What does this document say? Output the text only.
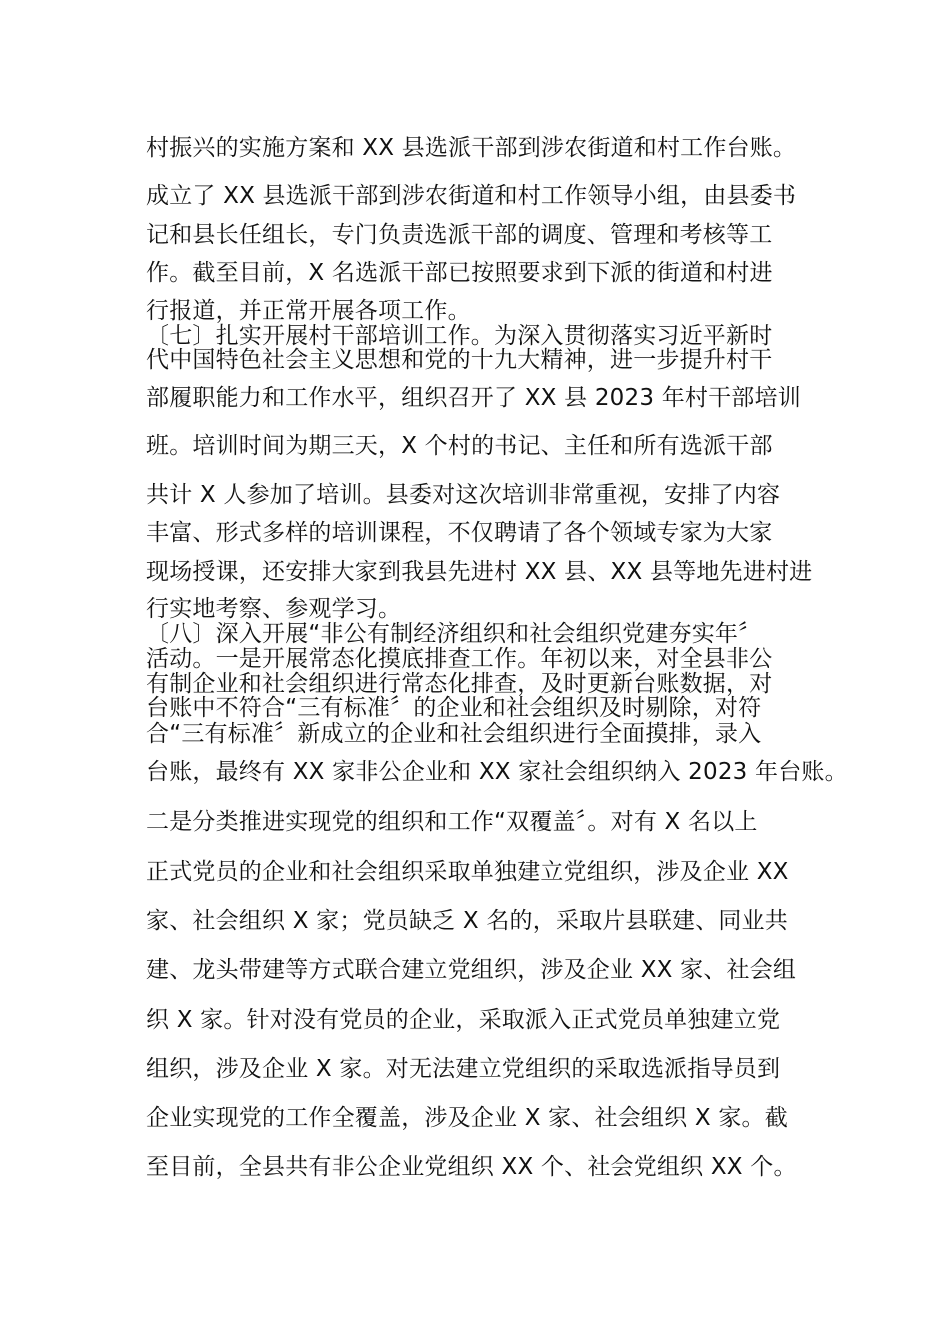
村振兴的实施方案和 XX 县选派干部到涉农街道和村工作台账。
成立了 XX 县选派干部到涉农街道和村工作领导小组，由县委书
记和县长任组长，专门负责选派干部的调度、管理和考核等工
作。截至目前，X 名选派干部已按照要求到下派的街道和村进
行报道，并正常开展各项工作。
〔七〕扎实开展村干部培训工作。为深入贯彻落实习近平新时
代中国特色社会主义思想和党的十九大精神，进一步提升村干
部履职能力和工作水平，组织召开了 XX 县 2023 年村干部培训
班。培训时间为期三天，X 个村的书记、主任和所有选派干部
共计 X 人参加了培训。县委对这次培训非常重视，安排了内容
丰富、形式多样的培训课程，不仅聘请了各个领域专家为大家
现场授课，还安排大家到我县先进村 XX 县、XX 县等地先进村进
行实地考察、参观学习。
〔八〕深入开展“非公有制经济组织和社会组织党建夯实年〞
活动。一是开展常态化摸底排查工作。年初以来，对全县非公
有制企业和社会组织进行常态化排查，及时更新台账数据，对
台账中不符合“三有标准〞的企业和社会组织及时剔除，对符
合“三有标准〞新成立的企业和社会组织进行全面摸排，录入
台账，最终有 XX 家非公企业和 XX 家社会组织纳入 2023 年台账。
二是分类推进实现党的组织和工作“双覆盖〞。对有 X 名以上
正式党员的企业和社会组织采取单独建立党组织，涉及企业 XX
家、社会组织 X 家；党员缺乏 X 名的，采取片县联建、同业共
建、龙头带建等方式联合建立党组织，涉及企业 XX 家、社会组
织 X 家。针对没有党员的企业，采取派入正式党员单独建立党
组织，涉及企业 X 家。对无法建立党组织的采取选派指导员到
企业实现党的工作全覆盖，涉及企业 X 家、社会组织 X 家。截
至目前，全县共有非公企业党组织 XX 个、社会党组织 XX 个。
